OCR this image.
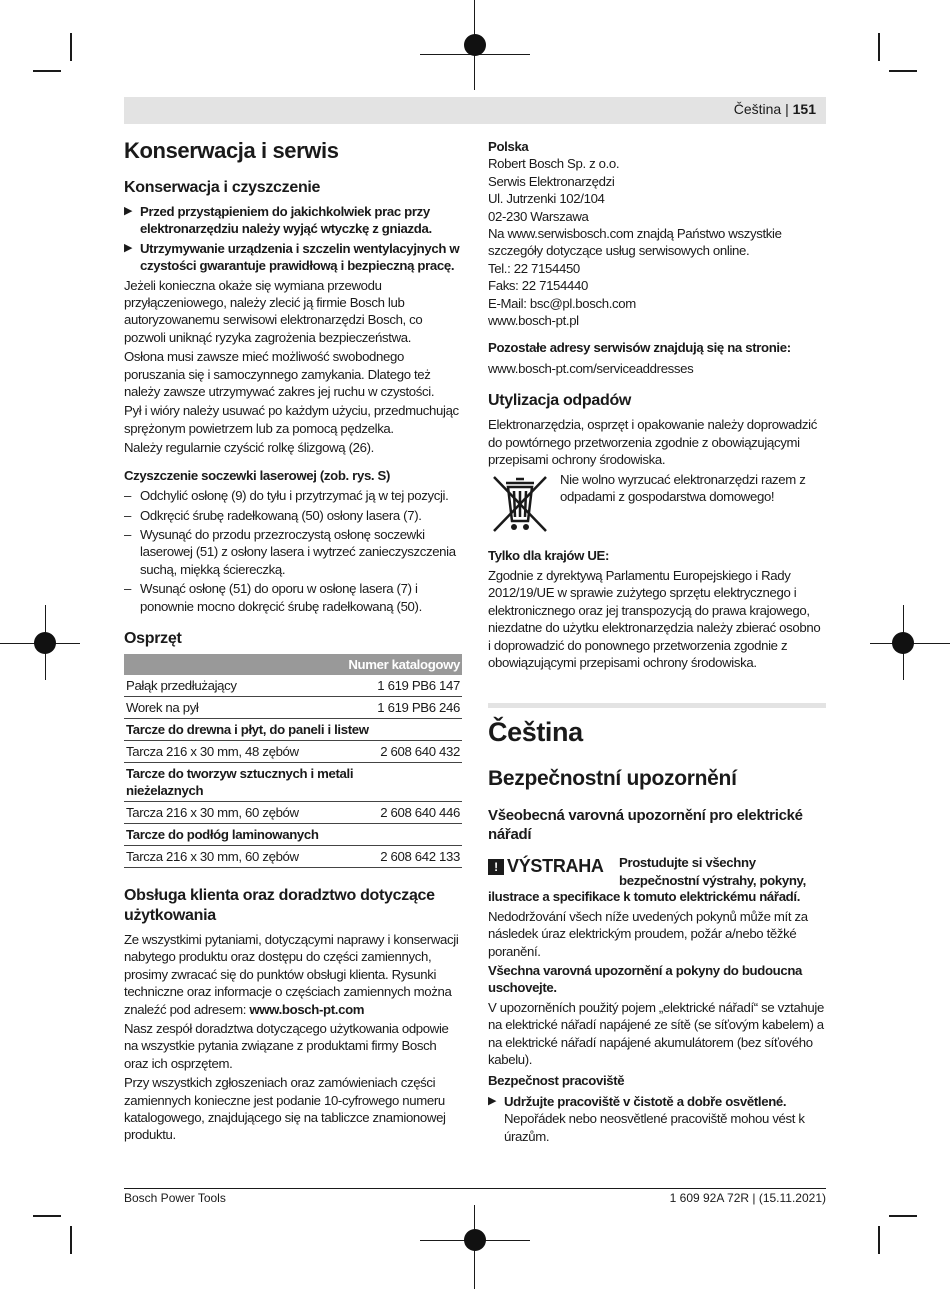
Čeština | 151
Konserwacja i serwis
Konserwacja i czyszczenie
▶ Przed przystąpieniem do jakichkolwiek prac przy elektronarzędziu należy wyjąć wtyczkę z gniazda.
▶ Utrzymywanie urządzenia i szczelin wentylacyjnych w czystości gwarantuje prawidłową i bezpieczną pracę.

Jeżeli konieczna okaże się wymiana przewodu przyłączeniowego, należy zlecić ją firmie Bosch lub autoryzowanemu serwisowi elektronarzędzi Bosch, co pozwoli uniknąć ryzyka zagrożenia bezpieczeństwa.

Osłona musi zawsze mieć możliwość swobodnego poruszania się i samoczynnego zamykania. Dlatego też należy zawsze utrzymywać zakres jej ruchu w czystości.

Pył i wióry należy usuwać po każdym użyciu, przedmuchując sprężonym powietrzem lub za pomocą pędzelka.

Należy regularnie czyścić rolkę ślizgową (26).

Czyszczenie soczewki laserowej (zob. rys. S)
– Odchylić osłonę (9) do tyłu i przytrzymać ją w tej pozycji.
– Odkręcić śrubę radełkowaną (50) osłony lasera (7).
– Wysunąć do przodu przezroczystą osłonę soczewki laserowej (51) z osłony lasera i wytrzeć zanieczyszczenia suchą, miękką ściereczką.
– Wsunąć osłonę (51) do oporu w osłonę lasera (7) i ponownie mocno dokręcić śrubę radełkowaną (50).
Osprzęt
Numer katalogowy	
Pałąk przedłużający	1 619 PB6 147
Worek na pył	1 619 PB6 246
Tarcze do drewna i płyt, do paneli i listew	
Tarcza 216 x 30 mm, 48 zębów	2 608 640 432
Tarcze do tworzyw sztucznych i metali nieżelaznych	
Tarcza 216 x 30 mm, 60 zębów	2 608 640 446
Tarcze do podłóg laminowanych	
Tarcza 216 x 30 mm, 60 zębów	2 608 642 133
Obsługa klienta oraz doradztwo dotyczące użytkowania

Ze wszystkimi pytaniami, dotyczącymi naprawy i konserwacji nabytego produktu oraz dostępu do części zamiennych, prosimy zwracać się do punktów obsługi klienta. Rysunki techniczne oraz informacje o częściach zamiennych można znaleźć pod adresem: www.bosch-pt.com

Nasz zespół doradztwa dotyczącego użytkowania odpowie na wszystkie pytania związane z produktami firmy Bosch oraz ich osprzętem.

Przy wszystkich zgłoszeniach oraz zamówieniach części zamiennych konieczne jest podanie 10-cyfrowego numeru katalogowego, znajdującego się na tabliczce znamionowej produktu.

Polska
Robert Bosch Sp. z o.o.
Serwis Elektronarzędzi
Ul. Jutrzenki 102/104
02-230 Warszawa
Na www.serwisbosch.com znajdą Państwo wszystkie szczegóły dotyczące usług serwisowych online.
Tel.: 22 7154450
Faks: 22 7154440
E-Mail: bsc@pl.bosch.com
www.bosch-pt.pl
Pozostałe adresy serwisów znajdują się na stronie:
www.bosch-pt.com/serviceaddresses
Utylizacja odpadów

Elektronarzędzia, osprzęt i opakowanie należy doprowadzić do powtórnego przetworzenia zgodnie z obowiązującymi przepisami ochrony środowiska.

Nie wolno wyrzucać elektronarzędzi razem z odpadami z gospodarstwa domowego!

Tylko dla krajów UE:

Zgodnie z dyrektywą Parlamentu Europejskiego i Rady 2012/19/UE w sprawie zużytego sprzętu elektrycznego i elektronicznego oraz jej transpozycją do prawa krajowego, niezdatne do użytku elektronarzędzia należy zbierać osobno i doprowadzić do ponownego przetworzenia zgodnie z obowiązującymi przepisami ochrony środowiska.

Čeština
Bezpečnostní upozornění
Všeobecná varovná upozornění pro elektrické nářadí
! VÝSTRAHA Prostudujte si všechny bezpečnostní výstrahy, pokyny,

ilustrace a specifikace k tomuto elektrickému nářadí.

Nedodržování všech níže uvedených pokynů může mít za následek úraz elektrickým proudem, požár a/nebo těžké poranění.

Všechna varovná upozornění a pokyny do budoucna uschovejte.

V upozorněních použitý pojem „elektrické nářadí“ se vztahuje na elektrické nářadí napájené ze sítě (se síťovým kabelem) a na elektrické nářadí napájené akumulátorem (bez síťového kabelu).

Bezpečnost pracoviště
▶ Udržujte pracoviště v čistotě a dobře osvětlené. Nepořádek nebo neosvětlené pracoviště mohou vést k úrazům.
Bosch Power Tools	1 609 92A 72R | (15.11.2021)
